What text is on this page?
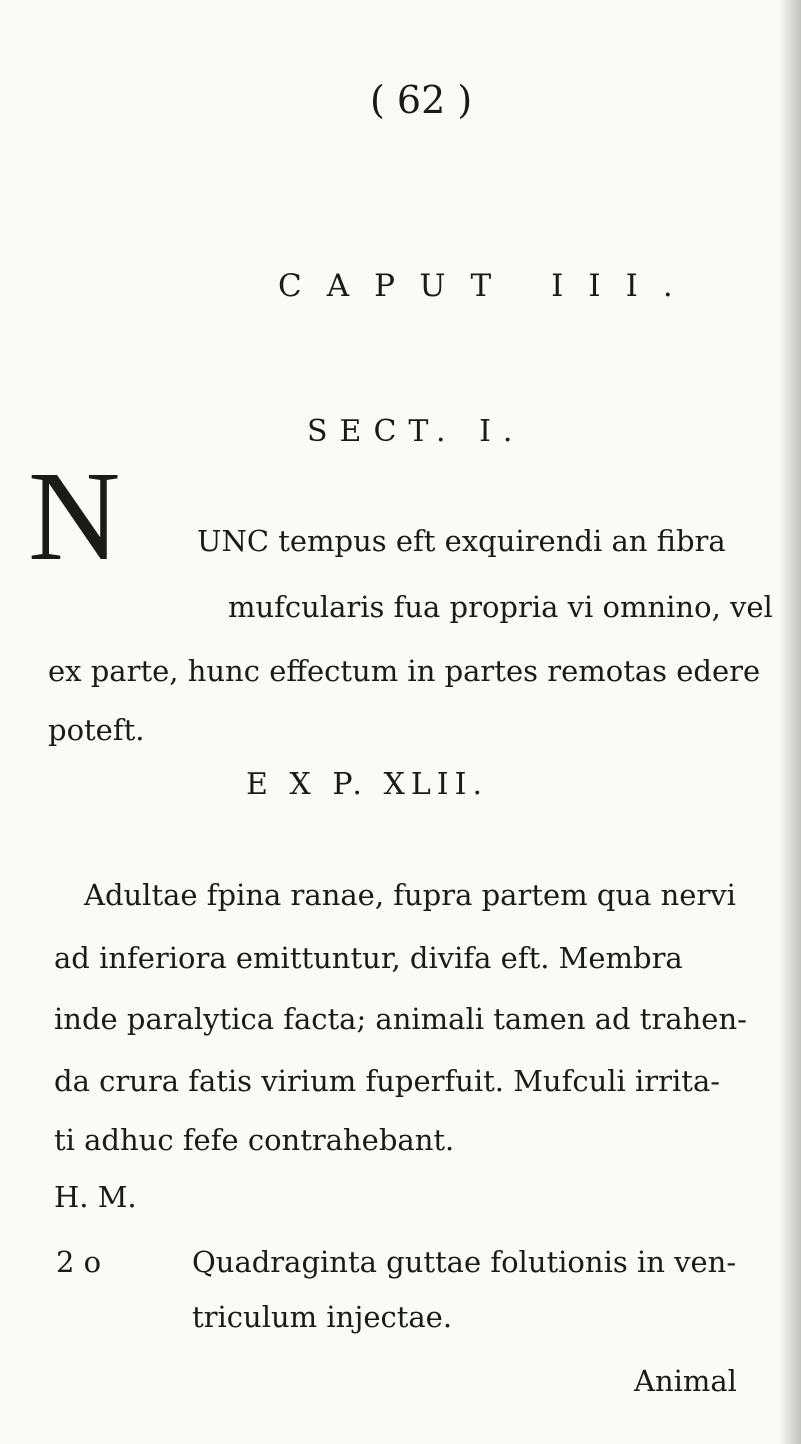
( 62 )
CAPUT III.
SECT. I.
N	UNC tempus eft exquirendi an fibra
mufcularis fua propria vi omnino, vel
ex parte, hunc effectum in partes remotas edere
poteft.
E X P. XLII.
Adultae fpina ranae, fupra partem qua nervi
ad inferiora emittuntur, divifa eft. Membra
inde paralytica facta; animali tamen ad trahen-
da crura fatis virium fuperfuit. Mufculi irrita-
ti adhuc fefe contrahebant.
H. M.
2 o	Quadraginta guttae folutionis in ven-
triculum injectae.
Animal
